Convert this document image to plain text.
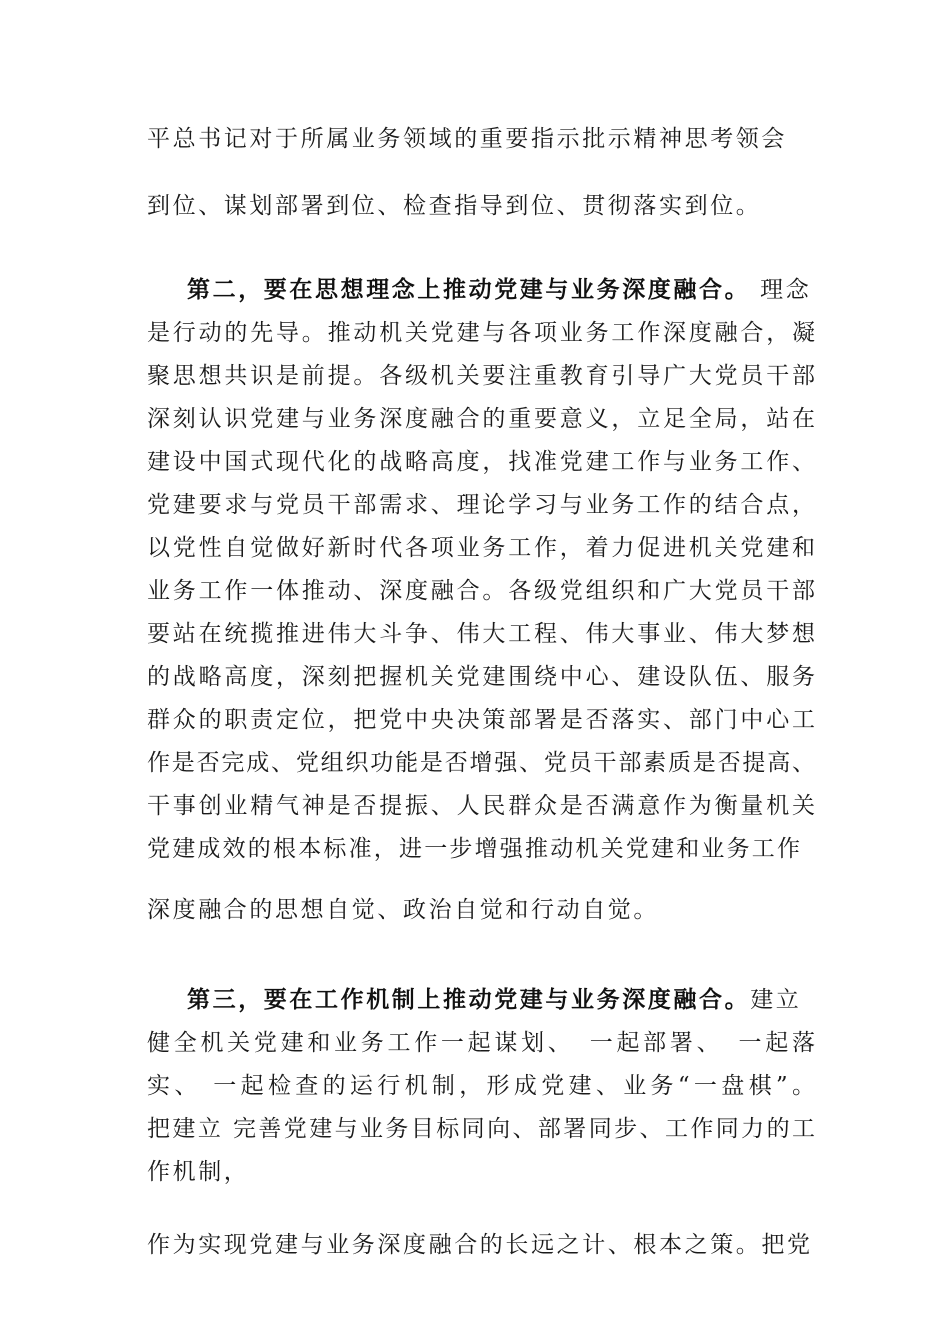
平总书记对于所属业务领域的重要指示批示精神思考领会
到位、谋划部署到位、检查指导到位、贯彻落实到位。
第二，要在思想理念上推动党建与业务深度融合。 理念
是行动的先导。推动机关党建与各项业务工作深度融合，凝
聚思想共识是前提。各级机关要注重教育引导广大党员干部
深刻认识党建与业务深度融合的重要意义，立足全局，站在
建设中国式现代化的战略高度，找准党建工作与业务工作、
党建要求与党员干部需求、理论学习与业务工作的结合点，
以党性自觉做好新时代各项业务工作，着力促进机关党建和
业务工作一体推动、深度融合。各级党组织和广大党员干部
要站在统揽推进伟大斗争、伟大工程、伟大事业、伟大梦想
的战略高度，深刻把握机关党建围绕中心、建设队伍、服务
群众的职责定位，把党中央决策部署是否落实、部门中心工
作是否完成、党组织功能是否增强、党员干部素质是否提高、
干事创业精气神是否提振、人民群众是否满意作为衡量机关
党建成效的根本标准，进一步增强推动机关党建和业务工作
深度融合的思想自觉、政治自觉和行动自觉。
第三，要在工作机制上推动党建与业务深度融合。建立
健全机关党建和业务工作一起谋划、　一起部署、　一起落
实、 一起检查的运行机制，形成党建、业务“一盘棋”。
把建立 完善党建与业务目标同向、部署同步、工作同力的工
作机制，
作为实现党建与业务深度融合的长远之计、根本之策。把党
